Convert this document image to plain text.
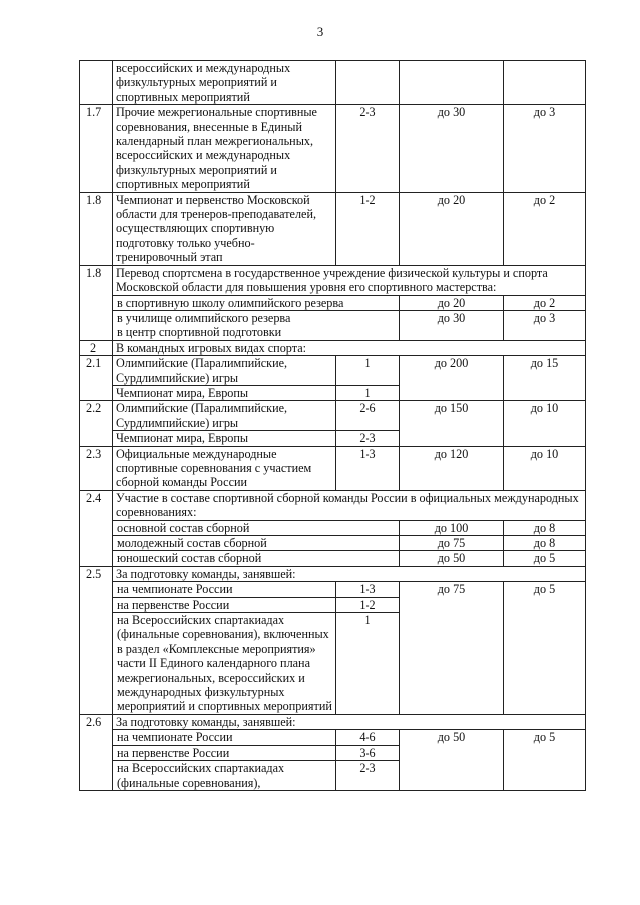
3
	всероссийских и международных физкультурных мероприятий и спортивных мероприятий			
1.7	Прочие межрегиональные спортивные соревнования, внесенные в Единый календарный план межрегиональных, всероссийских и международных физкультурных мероприятий и спортивных мероприятий	2-3	до 30	до 3
1.8	Чемпионат и первенство Московской области для тренеров-преподавателей, осуществляющих спортивную подготовку только учебно-тренировочный этап	1-2	до 20	до 2
1.8	Перевод спортсмена в государственное учреждение физической культуры и спорта Московской области для повышения уровня его спортивного мастерства:			
	в спортивную школу олимпийского резерва		до 20	до 2
	в училище олимпийского резерва		до 30	до 3
	в центр спортивной подготовки			
2	В командных игровых видах спорта:			
2.1	Олимпийские (Паралимпийские, Сурдлимпийские) игры	1	до 200	до 15
	Чемпионат мира, Европы	1		
2.2	Олимпийские (Паралимпийские, Сурдлимпийские) игры	2-6	до 150	до 10
	Чемпионат мира, Европы	2-3		
2.3	Официальные международные спортивные соревнования с участием сборной команды России	1-3	до 120	до 10
2.4	Участие в составе спортивной сборной команды России в официальных международных соревнованиях:			
	основной состав сборной		до 100	до 8
	молодежный состав сборной		до 75	до 8
	юношеский состав сборной		до 50	до 5
2.5	За подготовку команды, занявшей:			
	на чемпионате России	1-3	до 75	до 5
	на первенстве России	1-2		
	на Всероссийских спартакиадах (финальные соревнования), включенных в раздел «Комплексные мероприятия» части II Единого календарного плана межрегиональных, всероссийских и международных физкультурных мероприятий и спортивных мероприятий	1		
2.6	За подготовку команды, занявшей:			
	на чемпионате России	4-6	до 50	до 5
	на первенстве России	3-6		
	на Всероссийских спартакиадах (финальные соревнования),	2-3		
